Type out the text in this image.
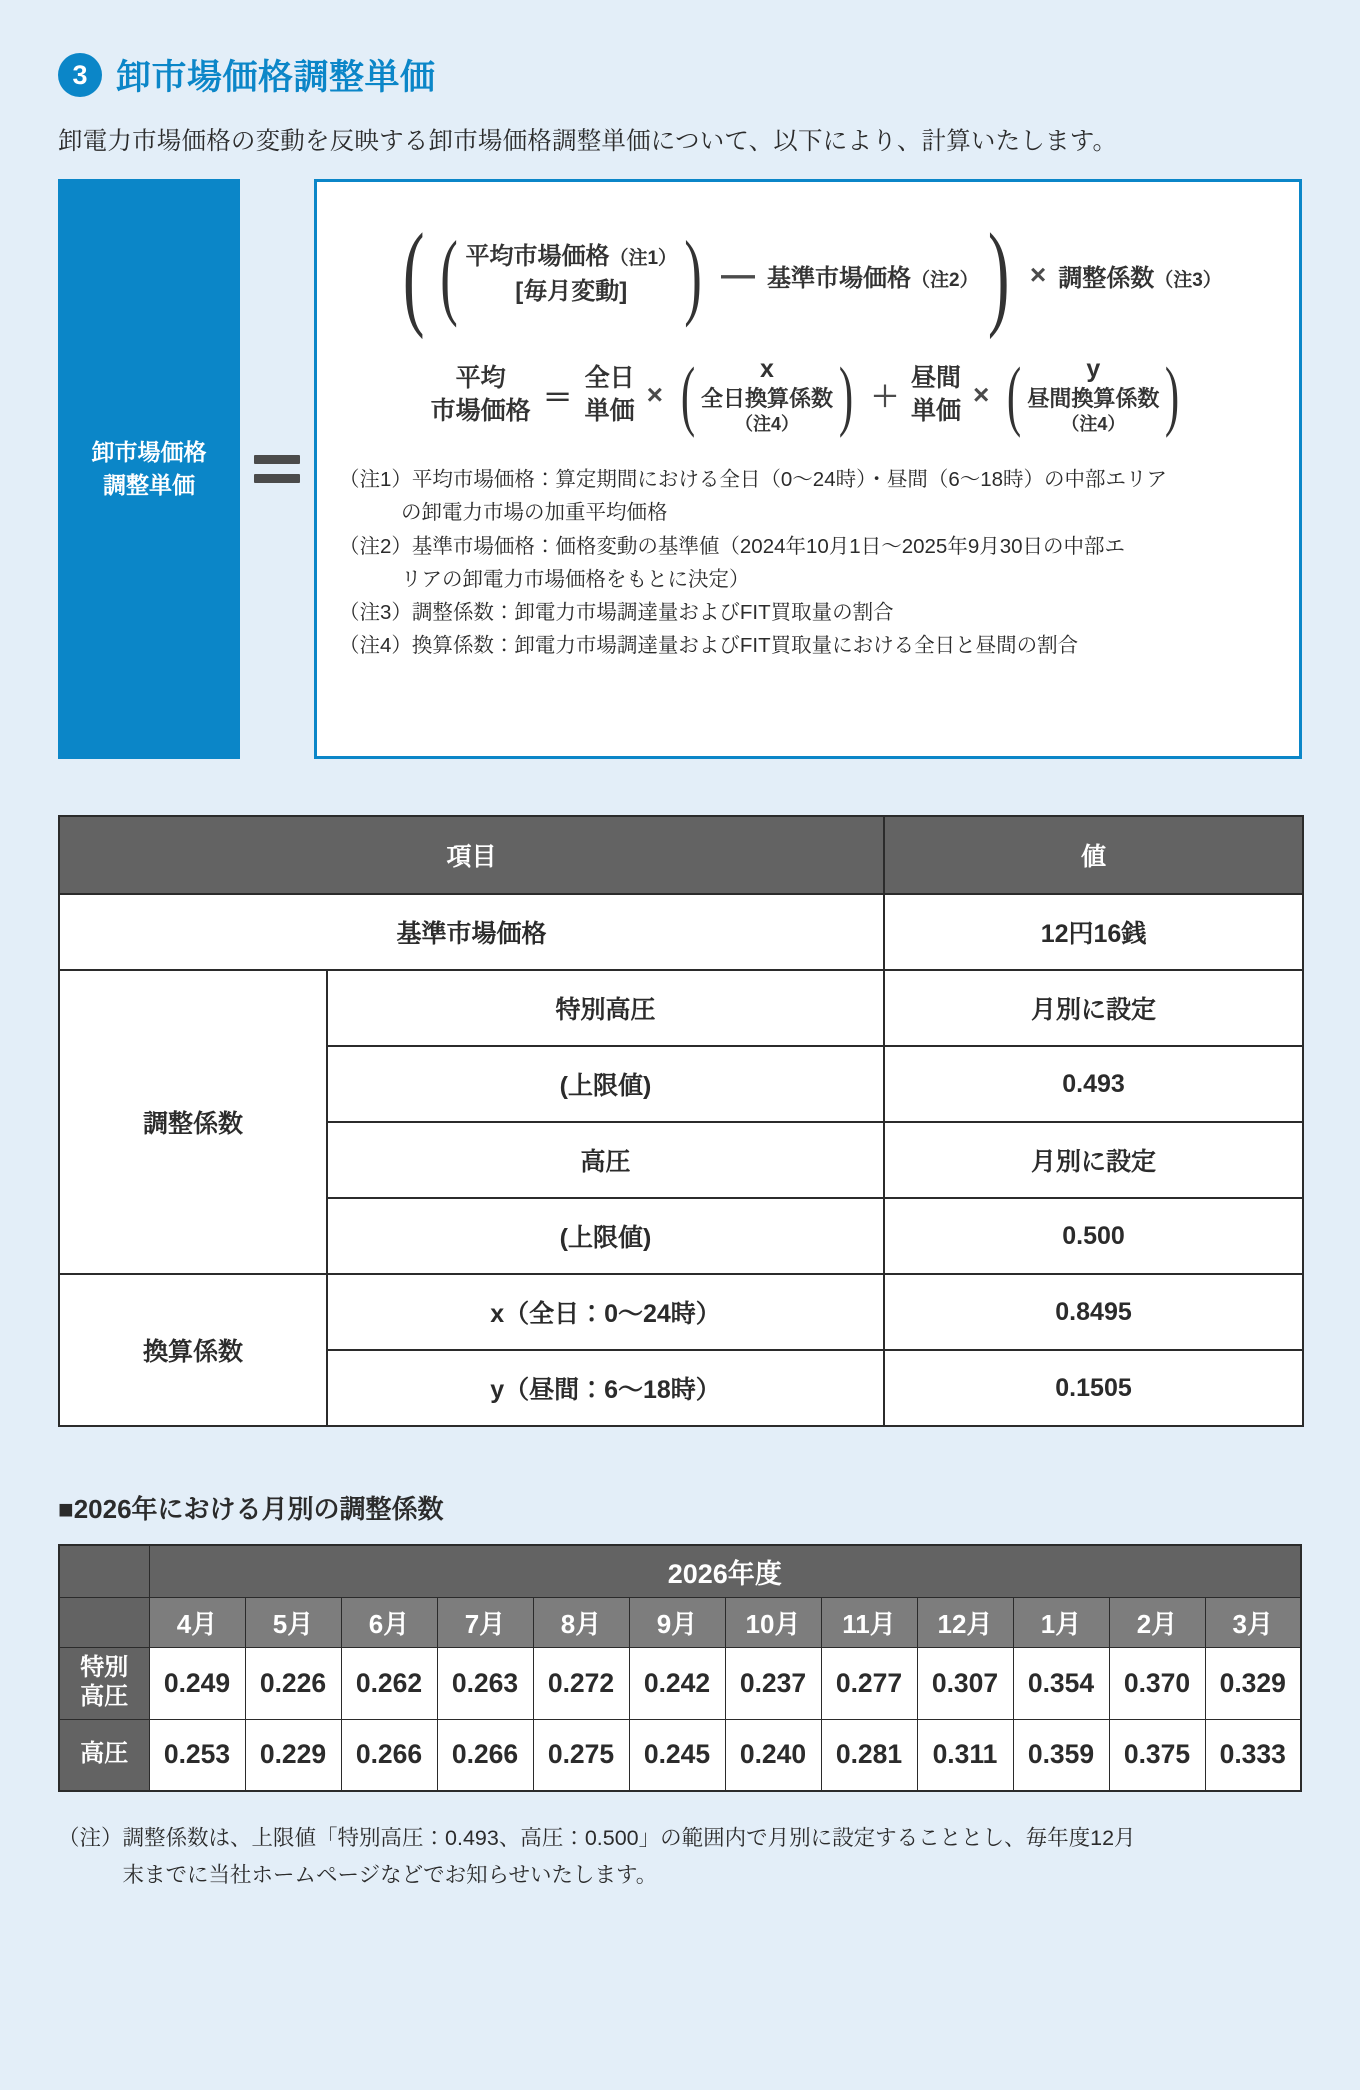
3 卸市場価格調整単価
卸電力市場価格の変動を反映する卸市場価格調整単価について、以下により、計算いたします。
卸市場価格
調整単価
( ( 平均市場価格（注1）
[毎月変動] ) — 基準市場価格（注2） ) × 調整係数（注3）
平均
市場価格 ＝
全日
単価
× (	x
全日換算係数
（注4） ) ＋
昼間
単価
× (	y
昼間換算係数
（注4） )
（注1） 平均市場価格：算定期間における全日（0〜24時）・昼間（6〜18時）の中部エリア
の卸電力市場の加重平均価格
（注2） 基準市場価格：価格変動の基準値（2024年10月1日〜2025年9月30日の中部エ
リアの卸電力市場価格をもとに決定）
（注3） 調整係数：卸電力市場調達量およびFIT買取量の割合
（注4） 換算係数：卸電力市場調達量およびFIT買取量における全日と昼間の割合
項目		値
基準市場価格		12円16銭
調整係数	特別高圧	月別に設定
	(上限値)	0.493
	高圧	月別に設定
	(上限値)	0.500
換算係数	x（全日：0〜24時）	0.8495
	y（昼間：6〜18時）	0.1505
■2026年における月別の調整係数
	2026年度											
	4月	5月	6月	7月	8月	9月	10月	11月	12月	1月	2月	3月

特別
高圧	0.249	0.226	0.262	0.263	0.272	0.242	0.237	0.277	0.307	0.354	0.370	0.329

高圧	0.253	0.229	0.266	0.266	0.275	0.245	0.240	0.281	0.311	0.359	0.375	0.333
（注） 調整係数は、上限値「特別高圧：0.493、高圧：0.500」の範囲内で月別に設定することとし、毎年度12月
末までに当社ホームページなどでお知らせいたします。
